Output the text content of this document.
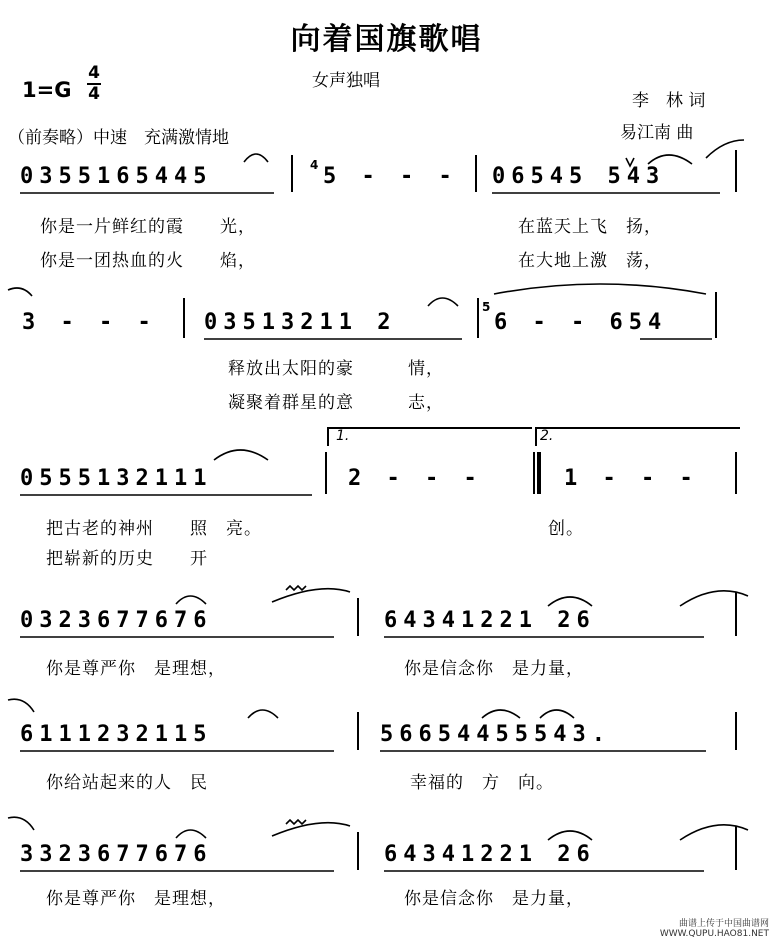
向着国旗歌唱
女声独唱
1=G
4
4	李　林 词
易江南 曲
（前奏略）中速　充满激情地
0355165445	4 5 - - - 06545 543
你是一片鲜红的霞　　光，	在蓝天上飞　扬，
你是一团热血的火　　焰，	在大地上激　荡，
3 - - - 03513211 2
5
6 - - 654
释放出太阳的豪　　　情，
凝聚着群星的意　　　志，
1.	2.
0555132111	2 - - -	1 - - -
把古老的神州　　照　亮。	创。
把崭新的历史　　开
0323677676	64341221 26
你是尊严你　是理想，	你是信念你　是力量，
6111232115	56654455543.
你给站起来的人　民	幸福的　方　向。
3323677676	64341221 26
你是尊严你　是理想，	你是信念你　是力量，
曲谱上传于中国曲谱网
WWW.QUPU.HAO81.NET
